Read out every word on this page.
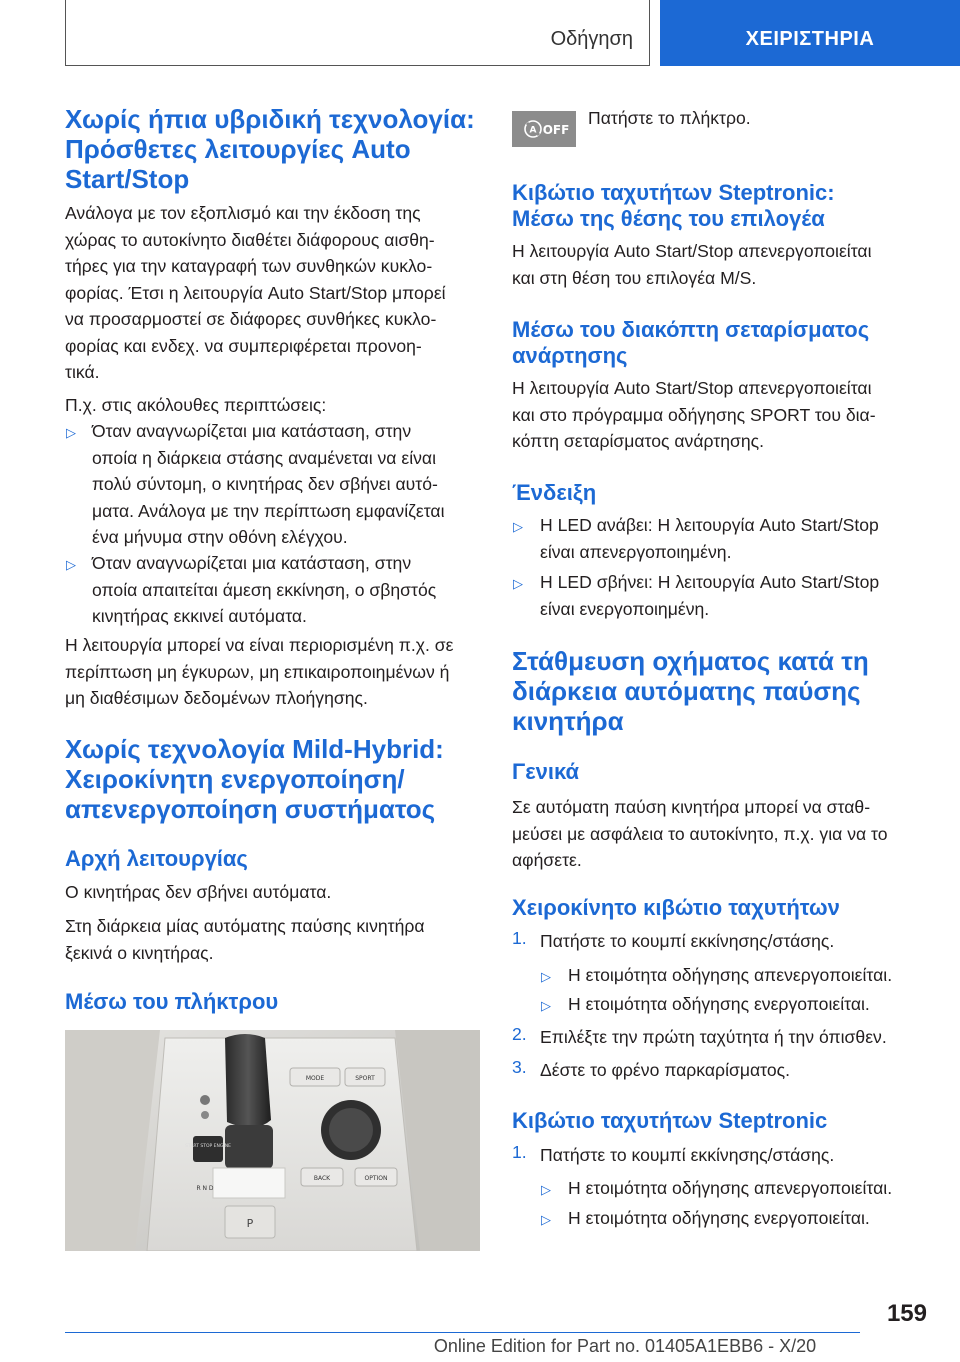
Οδήγηση	ΧΕΙΡΙΣΤΗΡΙΑ
Χωρίς ήπια υβριδική τεχνολογία:
Πρόσθετες λειτουργίες Auto
Start/Stop
Ανάλογα με τον εξοπλισμό και την έκδοση της
χώρας το αυτοκίνητο διαθέτει διάφορους αισθη‐
τήρες για την καταγραφή των συνθηκών κυκλο‐
φορίας. Έτσι η λειτουργία Auto Start/Stop μπορεί
να προσαρμοστεί σε διάφορες συνθήκες κυκλο‐
φορίας και ενδεχ. να συμπεριφέρεται προνοη‐
τικά.
Π.χ. στις ακόλουθες περιπτώσεις:
▷ Όταν αναγνωρίζεται μια κατάσταση, στην
οποία η διάρκεια στάσης αναμένεται να είναι
πολύ σύντομη, ο κινητήρας δεν σβήνει αυτό‐
ματα. Ανάλογα με την περίπτωση εμφανίζεται
ένα μήνυμα στην οθόνη ελέγχου.
▷ Όταν αναγνωρίζεται μια κατάσταση, στην
οποία απαιτείται άμεση εκκίνηση, ο σβηστός
κινητήρας εκκινεί αυτόματα.
Η λειτουργία μπορεί να είναι περιορισμένη π.χ. σε
περίπτωση μη έγκυρων, μη επικαιροποιημένων ή
μη διαθέσιμων δεδομένων πλοήγησης.
Χωρίς τεχνολογία Mild-Hybrid:
Χειροκίνητη ενεργοποίηση/
απενεργοποίηση συστήματος
Αρχή λειτουργίας
Ο κινητήρας δεν σβήνει αυτόματα.
Στη διάρκεια μίας αυτόματης παύσης κινητήρα
ξεκινά ο κινητήρας.
Μέσω του πλήκτρου
P
START STOP ENGINE
R N D
MODE	SPORT
BACK	OPTION
A OFF
Πατήστε το πλήκτρο.
Κιβώτιο ταχυτήτων Steptronic:
Μέσω της θέσης του επιλογέα
Η λειτουργία Auto Start/Stop απενεργοποιείται
και στη θέση του επιλογέα M/S.
Μέσω του διακόπτη σεταρίσματος
ανάρτησης
Η λειτουργία Auto Start/Stop απενεργοποιείται
και στο πρόγραμμα οδήγησης SPORT του δια‐
κόπτη σεταρίσματος ανάρτησης.
Ένδειξη
▷ Η LED ανάβει: Η λειτουργία Auto Start/Stop
είναι απενεργοποιημένη.
▷ Η LED σβήνει: Η λειτουργία Auto Start/Stop
είναι ενεργοποιημένη.
Στάθμευση οχήματος κατά τη
διάρκεια αυτόματης παύσης
κινητήρα
Γενικά
Σε αυτόματη παύση κινητήρα μπορεί να σταθ‐
μεύσει με ασφάλεια το αυτοκίνητο, π.χ. για να το
αφήσετε.
Χειροκίνητο κιβώτιο ταχυτήτων
1. Πατήστε το κουμπί εκκίνησης/στάσης.
▷ Η ετοιμότητα οδήγησης απενεργοποιείται.
▷ Η ετοιμότητα οδήγησης ενεργοποιείται.
2. Επιλέξτε την πρώτη ταχύτητα ή την όπισθεν.
3. Δέστε το φρένο παρκαρίσματος.
Κιβώτιο ταχυτήτων Steptronic
1. Πατήστε το κουμπί εκκίνησης/στάσης.
▷ Η ετοιμότητα οδήγησης απενεργοποιείται.
▷ Η ετοιμότητα οδήγησης ενεργοποιείται.
159
Online Edition for Part no. 01405A1EBB6 - X/20
